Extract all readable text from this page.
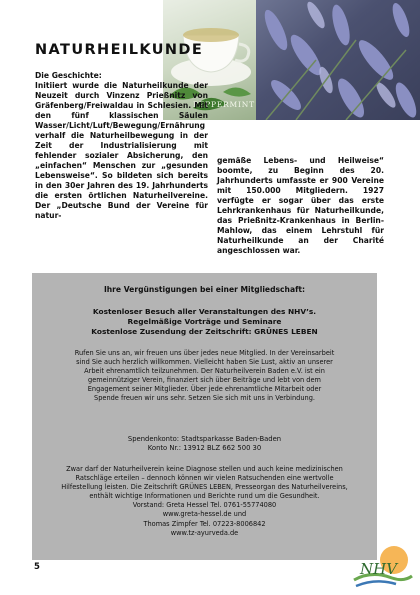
PEPPERMINT
NATURHEILKUNDE

Die Geschichte:

Initiiert wurde die Naturheilkunde der Neuzeit durch Vinzenz Prießnitz von Gräfenberg/Freiwaldau in Schlesien. Mit den fünf klassischen Säulen Wasser/Licht/Luft/Bewegung/Ernährung verhalf die Naturheilbewegung in der Zeit der Industrialisierung mit fehlender sozialer Absicherung, den „einfachen“ Menschen zur „gesunden Lebensweise“. So bildeten sich bereits in den 30er Jahren des 19. Jahrhunderts die ersten örtlichen Naturheilvereine. Der „Deutsche Bund der Vereine für natur-

gemäße Lebens- und Heilweise“ boomte, zu Beginn des 20. Jahrhunderts umfasste er 900 Vereine mit 150.000 Mitgliedern. 1927 verfügte er sogar über das erste Lehrkrankenhaus für Naturheilkunde, das Prießnitz-Krankenhaus in Berlin-Mahlow, das einem Lehrstuhl für Naturheilkunde an der Charité angeschlossen war.

Ihre Vergünstigungen bei einer Mitgliedschaft:
Kostenloser Besuch aller Veranstaltungen des NHV’s.
Regelmäßige Vorträge und Seminare
Kostenlose Zusendung der Zeitschrift: GRÜNES LEBEN
Rufen Sie uns an, wir freuen uns über jedes neue Mitglied. In der Vereinsarbeit
sind Sie auch herzlich willkommen. Vielleicht haben Sie Lust, aktiv an unserer
Arbeit ehrenamtlich teilzunehmen. Der Naturheilverein Baden e.V. ist ein
gemeinnütziger Verein, finanziert sich über Beiträge und lebt von dem
Engagement seiner Mitglieder. Über jede ehrenamtliche Mitarbeit oder
Spende freuen wir uns sehr. Setzen Sie sich mit uns in Verbindung.
Spendenkonto: Stadtsparkasse Baden-Baden
Konto Nr.: 13912 BLZ 662 500 30
Zwar darf der Naturheilverein keine Diagnose stellen und auch keine medizinischen
Ratschläge erteilen – dennoch können wir vielen Ratsuchenden eine wertvolle
Hilfestellung leisten. Die Zeitschrift GRÜNES LEBEN, Presseorgan des Naturheilvereins,
enthält wichtige Informationen und Berichte rund um die Gesundheit.
Vorstand: Greta Hessel Tel. 0761-55774080
www.greta-hessel.de und
Thomas Zimpfer Tel. 07223-8006842
www.tz-ayurveda.de
5	NHV
